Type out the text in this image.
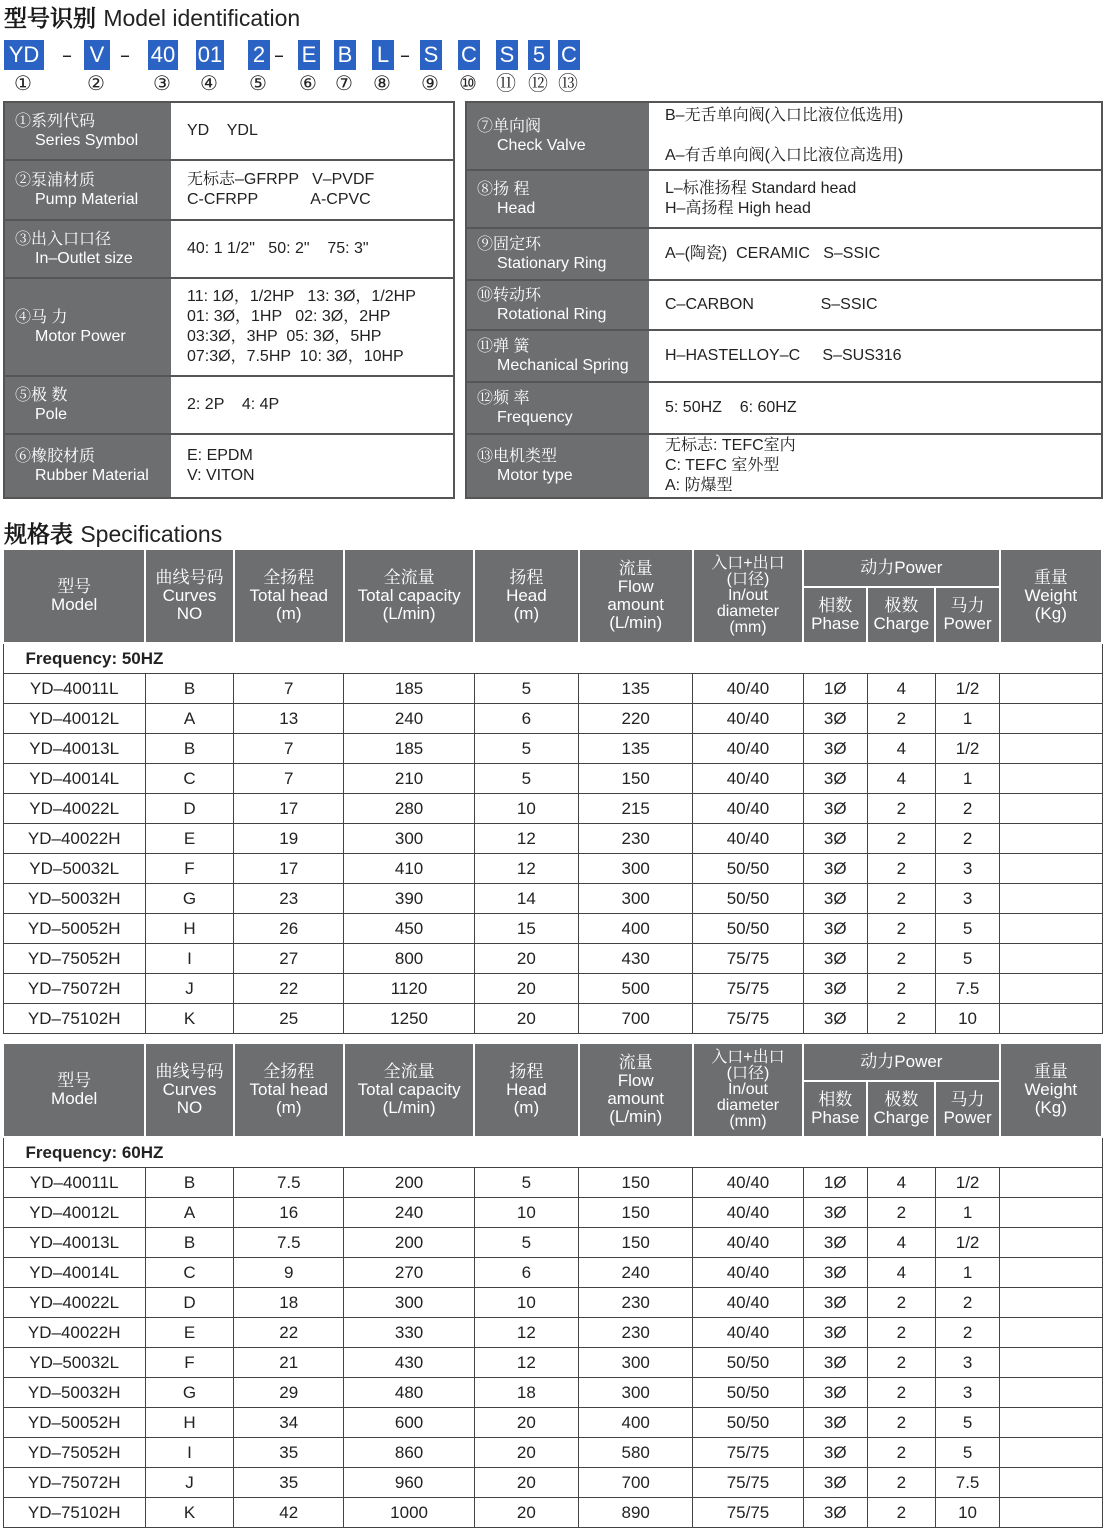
型号识别 Model identification
YD – V – 40 01 2 – E B L – S C S 5 C
①	② ③ ④ ⑤ ⑥ ⑦ ⑧ ⑨ ⑩ ⑪ ⑫ ⑬
①系列代码
Series Symbol
YD    YDL
②泵浦材质
Pump Material
无标志–GFRPP   V–PVDF
C-CFRPP            A-CPVC
③出入口口径
In–Outlet size
40: 1 1/2"   50: 2"    75: 3"
④马 力
Motor Power
11: 1Ø，1/2HP   13: 3Ø，1/2HP
01: 3Ø，1HP   02: 3Ø，2HP
03:3Ø，3HP  05: 3Ø，5HP
07:3Ø，7.5HP  10: 3Ø，10HP
⑤极 数
Pole
2: 2P    4: 4P
⑥橡胶材质
Rubber Material
E: EPDM
V: VITON
⑦单向阀
Check Valve
B–无舌单向阀(入口比液位低选用)

A–有舌单向阀(入口比液位高选用)
⑧扬 程
Head
L–标准扬程 Standard head
H–高扬程 High head
⑨固定环
Stationary Ring
A–(陶瓷)  CERAMIC   S–SSIC
⑩转动环
Rotational Ring
C–CARBON               S–SSIC
⑪弹 簧
Mechanical Spring
H–HASTELLOY–C     S–SUS316
⑫频 率
Frequency
5: 50HZ    6: 60HZ
⑬电机类型
Motor type
无标志: TEFC室内
C: TEFC 室外型
A: 防爆型
规格表 Specifications
型号
Model	曲线号码
Curves
NO	全扬程
Total head
(m)	全流量
Total capacity
(L/min)	扬程
Head
(m)	流量
Flow
amount
(L/min)	入口+出口
(口径)
In/out
diameter
(mm)	动力Power			重量
Weight
(Kg)
							相数
Phase	极数
Charge	马力
Power	
Frequency: 50HZ										
YD–40011L	B	7	185	5	135	40/40	1Ø	4	1/2	
YD–40012L	A	13	240	6	220	40/40	3Ø	2	1	
YD–40013L	B	7	185	5	135	40/40	3Ø	4	1/2	
YD–40014L	C	7	210	5	150	40/40	3Ø	4	1	
YD–40022L	D	17	280	10	215	40/40	3Ø	2	2	
YD–40022H	E	19	300	12	230	40/40	3Ø	2	2	
YD–50032L	F	17	410	12	300	50/50	3Ø	2	3	
YD–50032H	G	23	390	14	300	50/50	3Ø	2	3	
YD–50052H	H	26	450	15	400	50/50	3Ø	2	5	
YD–75052H	I	27	800	20	430	75/75	3Ø	2	5	
YD–75072H	J	22	1120	20	500	75/75	3Ø	2	7.5	
YD–75102H	K	25	1250	20	700	75/75	3Ø	2	10	
型号
Model	曲线号码
Curves
NO	全扬程
Total head
(m)	全流量
Total capacity
(L/min)	扬程
Head
(m)	流量
Flow
amount
(L/min)	入口+出口
(口径)
In/out
diameter
(mm)	动力Power			重量
Weight
(Kg)
							相数
Phase	极数
Charge	马力
Power	
Frequency: 60HZ										
YD–40011L	B	7.5	200	5	150	40/40	1Ø	4	1/2	
YD–40012L	A	16	240	10	150	40/40	3Ø	2	1	
YD–40013L	B	7.5	200	5	150	40/40	3Ø	4	1/2	
YD–40014L	C	9	270	6	240	40/40	3Ø	4	1	
YD–40022L	D	18	300	10	230	40/40	3Ø	2	2	
YD–40022H	E	22	330	12	230	40/40	3Ø	2	2	
YD–50032L	F	21	430	12	300	50/50	3Ø	2	3	
YD–50032H	G	29	480	18	300	50/50	3Ø	2	3	
YD–50052H	H	34	600	20	400	50/50	3Ø	2	5	
YD–75052H	I	35	860	20	580	75/75	3Ø	2	5	
YD–75072H	J	35	960	20	700	75/75	3Ø	2	7.5	
YD–75102H	K	42	1000	20	890	75/75	3Ø	2	10	
